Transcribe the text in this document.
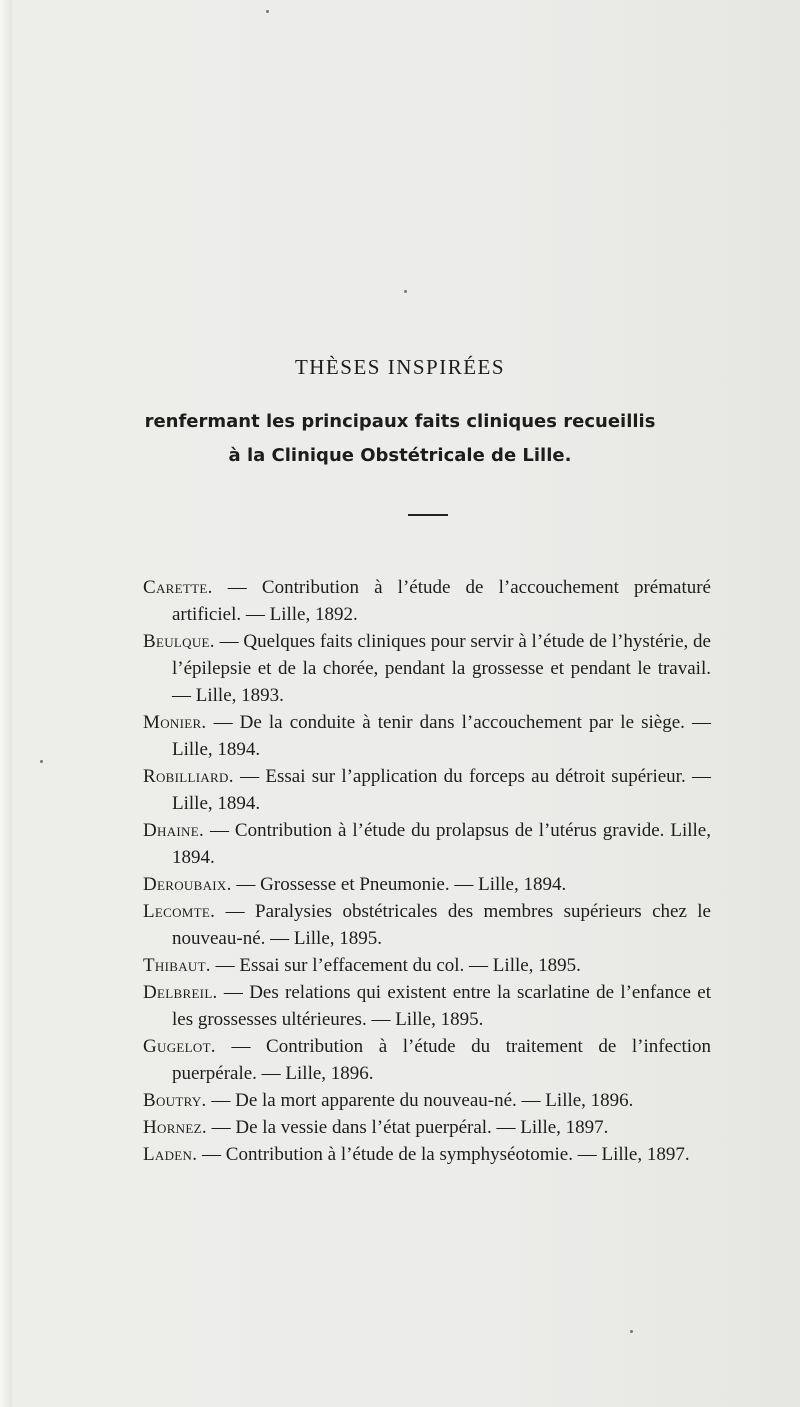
THÈSES INSPIRÉES
renfermant les principaux faits cliniques recueillis
à la Clinique Obstétricale de Lille.

Carette. — Contribution à l’étude de l’accouchement prématuré artificiel. — Lille, 1892.

Beulque. — Quelques faits cliniques pour servir à l’étude de l’hystérie, de l’épilepsie et de la chorée, pendant la grossesse et pendant le travail. — Lille, 1893.

Monier. — De la conduite à tenir dans l’accouchement par le siège. — Lille, 1894.

Robilliard. — Essai sur l’application du forceps au détroit supérieur. — Lille, 1894.

Dhaine. — Contribution à l’étude du prolapsus de l’utérus gravide. Lille, 1894.

Deroubaix. — Grossesse et Pneumonie. — Lille, 1894.

Lecomte. — Paralysies obstétricales des membres supérieurs chez le nouveau-né. — Lille, 1895.

Thibaut. — Essai sur l’effacement du col. — Lille, 1895.

Delbreil. — Des relations qui existent entre la scarlatine de l’enfance et les grossesses ultérieures. — Lille, 1895.

Gugelot. — Contribution à l’étude du traitement de l’infection puerpérale. — Lille, 1896.

Boutry. — De la mort apparente du nouveau-né. — Lille, 1896.

Hornez. — De la vessie dans l’état puerpéral. — Lille, 1897.

Laden. — Contribution à l’étude de la symphyséotomie. — Lille, 1897.
